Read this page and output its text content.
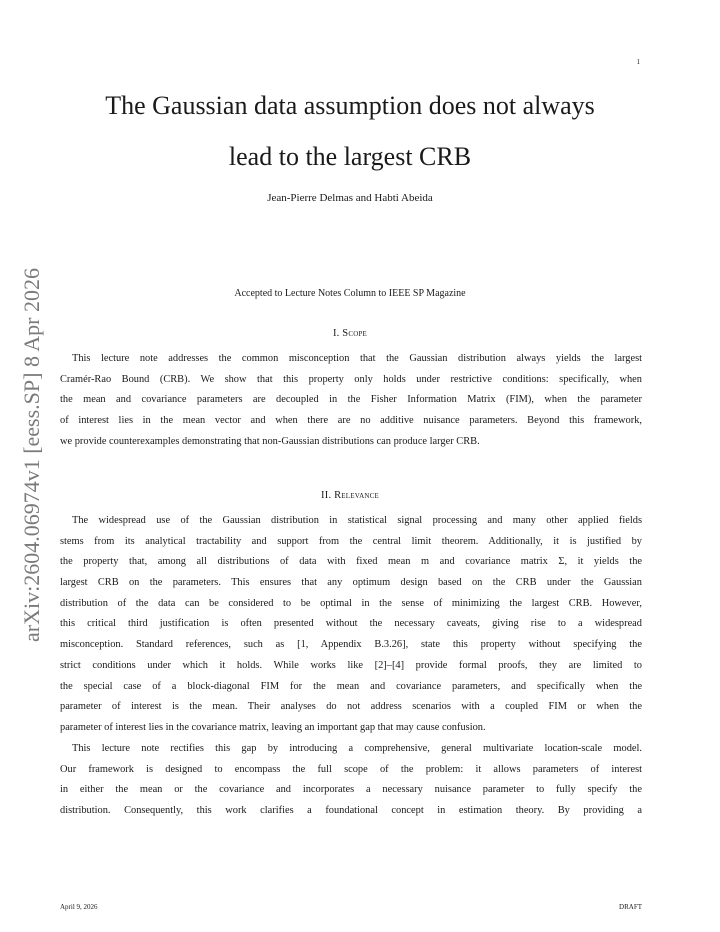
1
arXiv:2604.06974v1 [eess.SP] 8 Apr 2026
The Gaussian data assumption does not always
lead to the largest CRB
Jean-Pierre Delmas and Habti Abeida
Accepted to Lecture Notes Column to IEEE SP Magazine
I. Scope
This lecture note addresses the common misconception that the Gaussian distribution always yields the largest
Cramér-Rao Bound (CRB). We show that this property only holds under restrictive conditions: specifically, when
the mean and covariance parameters are decoupled in the Fisher Information Matrix (FIM), when the parameter
of interest lies in the mean vector and when there are no additive nuisance parameters. Beyond this framework,
we provide counterexamples demonstrating that non-Gaussian distributions can produce larger CRB.
II. Relevance
The widespread use of the Gaussian distribution in statistical signal processing and many other applied fields
stems from its analytical tractability and support from the central limit theorem. Additionally, it is justified by
the property that, among all distributions of data with fixed mean m and covariance matrix Σ, it yields the
largest CRB on the parameters. This ensures that any optimum design based on the CRB under the Gaussian
distribution of the data can be considered to be optimal in the sense of minimizing the largest CRB. However,
this critical third justification is often presented without the necessary caveats, giving rise to a widespread
misconception. Standard references, such as [1, Appendix B.3.26], state this property without specifying the
strict conditions under which it holds. While works like [2]–[4] provide formal proofs, they are limited to
the special case of a block-diagonal FIM for the mean and covariance parameters, and specifically when the
parameter of interest is the mean. Their analyses do not address scenarios with a coupled FIM or when the
parameter of interest lies in the covariance matrix, leaving an important gap that may cause confusion.
This lecture note rectifies this gap by introducing a comprehensive, general multivariate location-scale model.
Our framework is designed to encompass the full scope of the problem: it allows parameters of interest
in either the mean or the covariance and incorporates a necessary nuisance parameter to fully specify the
distribution. Consequently, this work clarifies a foundational concept in estimation theory. By providing a
April 9, 2026	DRAFT
